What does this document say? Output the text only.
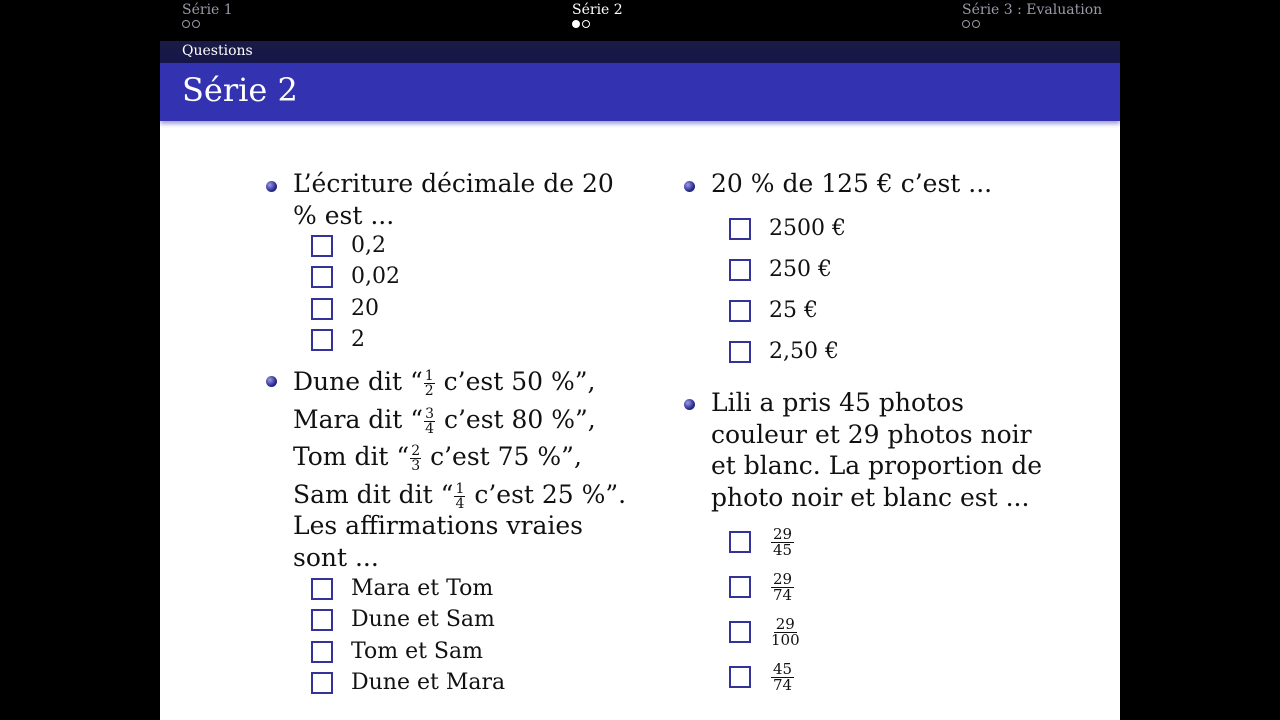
Série 1	Série 2	Série 3 : Evaluation
Questions
Série 2
L’écriture décimale de 20
% est ...
0,2
0,02
20
2
Dune dit “ $\frac{1}{2}$ c’est 50 %”,
Mara dit “ $\frac{3}{4}$ c’est 80 %”,
Tom dit “ $\frac{2}{3}$ c’est 75 %”,
Sam dit dit “ $\frac{1}{4}$ c’est 25 %”.
Les affirmations vraies
sont ...
Mara et Tom
Dune et Sam
Tom et Sam
Dune et Mara
20 % de 125 € c’est ...
2500 €
250 €
25 €
2,50 €
Lili a pris 45 photos
couleur et 29 photos noir
et blanc. La proportion de
photo noir et blanc est ...
$\frac{29}{45}$
$\frac{29}{74}$
$\frac{29}{100}$
$\frac{45}{74}$
